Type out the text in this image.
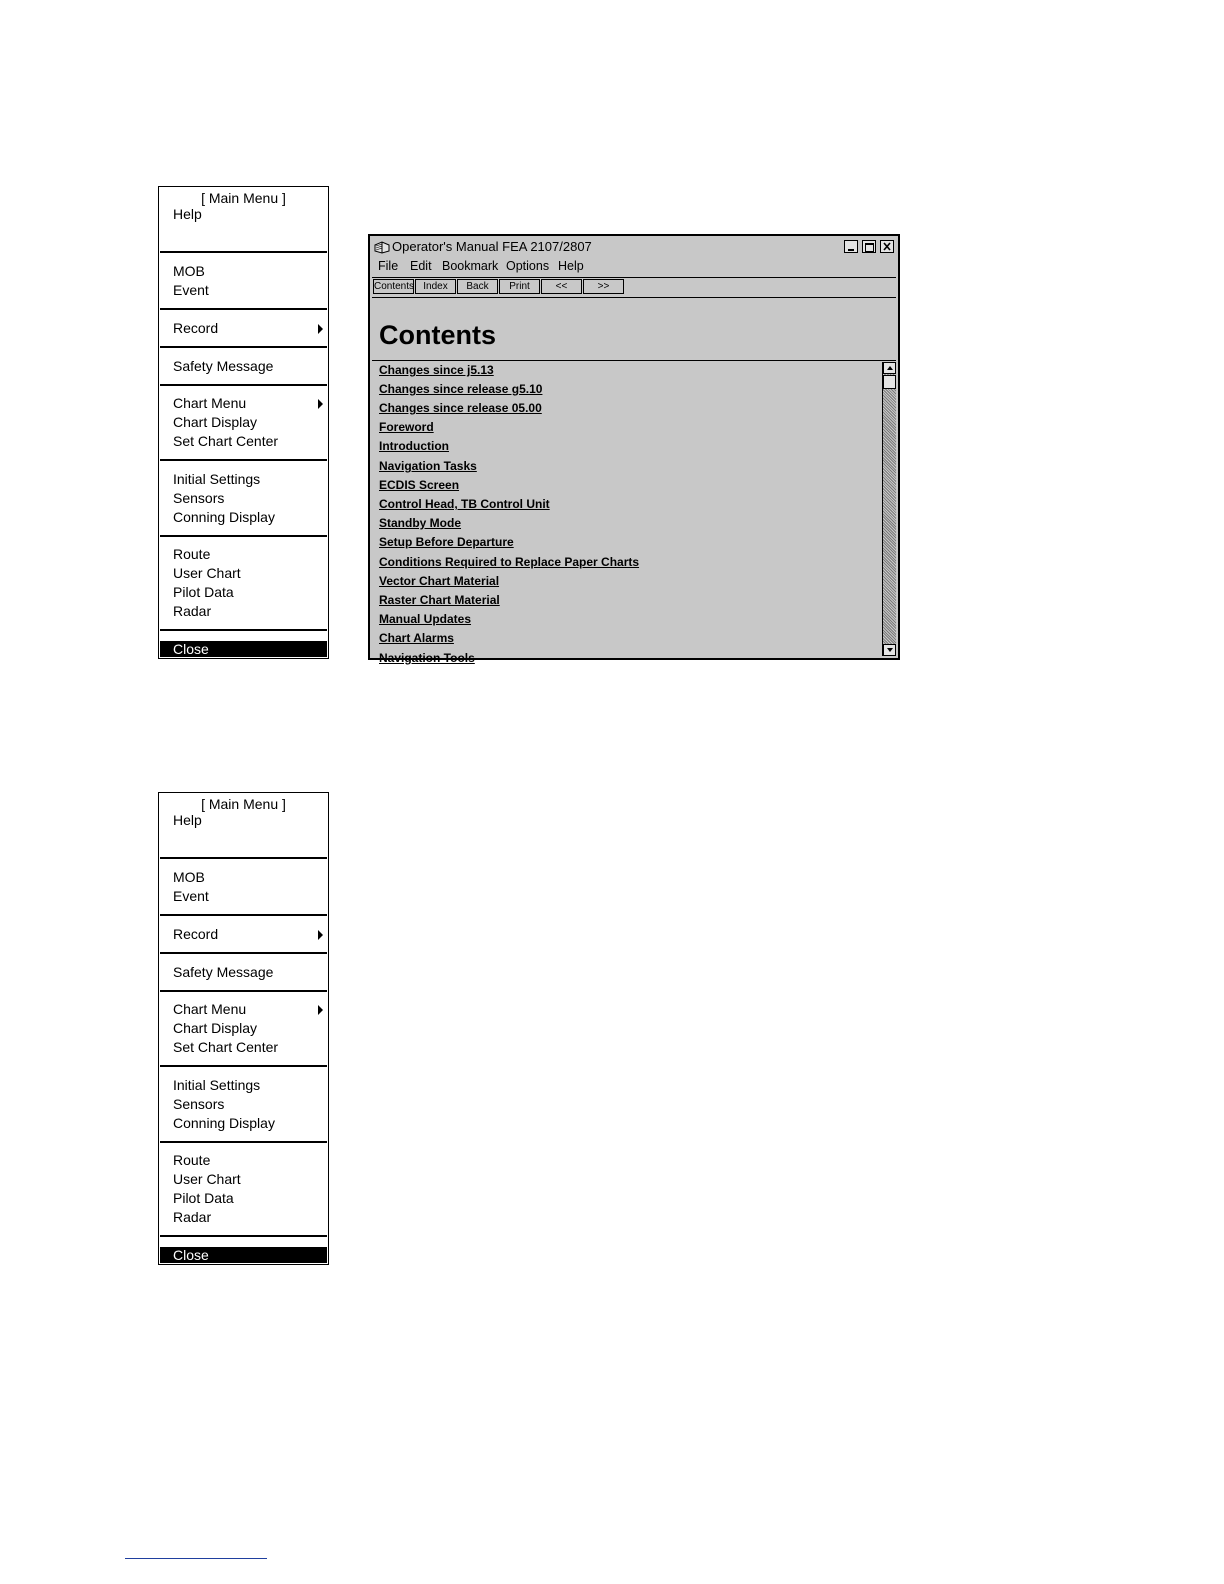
[ Main Menu ]
Help
MOB
Event
Record
Safety Message
Chart Menu
Chart Display
Set Chart Center
Initial Settings
Sensors
Conning Display
Route
User Chart
Pilot Data
Radar
Close
Operator's Manual FEA 2107/2807
File Edit Bookmark Options Help
Contents Index	Back	Print	<<	>>
Contents
Changes since j5.13
Changes since release g5.10
Changes since release 05.00
Foreword
Introduction
Navigation Tasks
ECDIS Screen
Control Head, TB Control Unit
Standby Mode
Setup Before Departure
Conditions Required to Replace Paper Charts
Vector Chart Material
Raster Chart Material
Manual Updates
Chart Alarms
Navigation Tools
[ Main Menu ]
Help
MOB
Event
Record
Safety Message
Chart Menu
Chart Display
Set Chart Center
Initial Settings
Sensors
Conning Display
Route
User Chart
Pilot Data
Radar
Close
